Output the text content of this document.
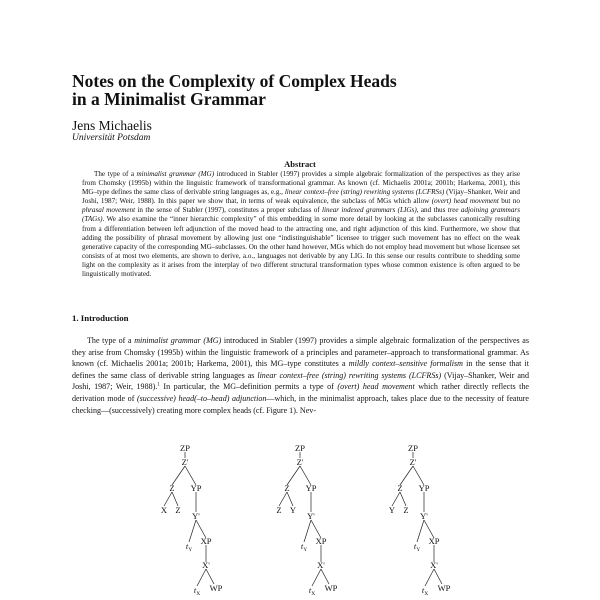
Notes on the Complexity of Complex Heads
in a Minimalist Grammar

Jens Michaelis

Universität Potsdam

Abstract

The type of a minimalist grammar (MG) introduced in Stabler (1997) provides a simple algebraic formalization of the perspectives as they arise from Chomsky (1995b) within the linguistic framework of transformational grammar. As known (cf. Michaelis 2001a; 2001b; Harkema, 2001), this MG–type defines the same class of derivable string languages as, e.g., linear context–free (string) rewriting systems (LCFRSs) (Vijay–Shanker, Weir and Joshi, 1987; Weir, 1988). In this paper we show that, in terms of weak equivalence, the subclass of MGs which allow (overt) head movement but no phrasal movement in the sense of Stabler (1997), constitutes a proper subclass of linear indexed grammars (LIGs), and thus tree adjoining grammars (TAGs). We also examine the “inner hierarchic complexity” of this embedding in some more detail by looking at the subclasses canonically resulting from a differentiation between left adjunction of the moved head to the attracting one, and right adjunction of this kind. Furthermore, we show that adding the possibility of phrasal movement by allowing just one “indistinguishable” licensee to trigger such movement has no effect on the weak generative capacity of the corresponding MG–subclasses. On the other hand however, MGs which do not employ head movement but whose licensee set consists of at most two elements, are shown to derive, a.o., languages not derivable by any LIG. In this sense our results contribute to shedding some light on the complexity as it arises from the interplay of two different structural transformation types whose common existence is often argued to be linguistically motivated.

1. Introduction

The type of a minimalist grammar (MG) introduced in Stabler (1997) provides a simple algebraic formalization of the perspectives as they arise from Chomsky (1995b) within the linguistic framework of a principles and parameter–approach to transformational grammar. As known (cf. Michaelis 2001a; 2001b; Harkema, 2001), this MG–type constitutes a mildly context–sensitive formalism in the sense that it defines the same class of derivable string languages as linear context–free (string) rewriting systems (LCFRSs) (Vijay–Shanker, Weir and Joshi, 1987; Weir, 1988).$^1$ In particular, the MG–definition permits a type of (overt) head movement which rather directly reflects the derivation mode of (successive) head(–to–head) adjunction—which, in the minimalist approach, takes place due to the necessity of feature checking—(successively) creating more complex heads (cf. Figure 1). Nev-

ZP
Z'
Z YP
X Z
Y'
$t_Y$
XP
X'
$t_X$
WP
ZP
Z'
Z YP
Z Y
Y'
$t_Y$
XP
X'
$t_X$
WP
ZP
Z'
Z YP
Y Z
Y'
$t_Y$
XP
X'
$t_X$
WP
